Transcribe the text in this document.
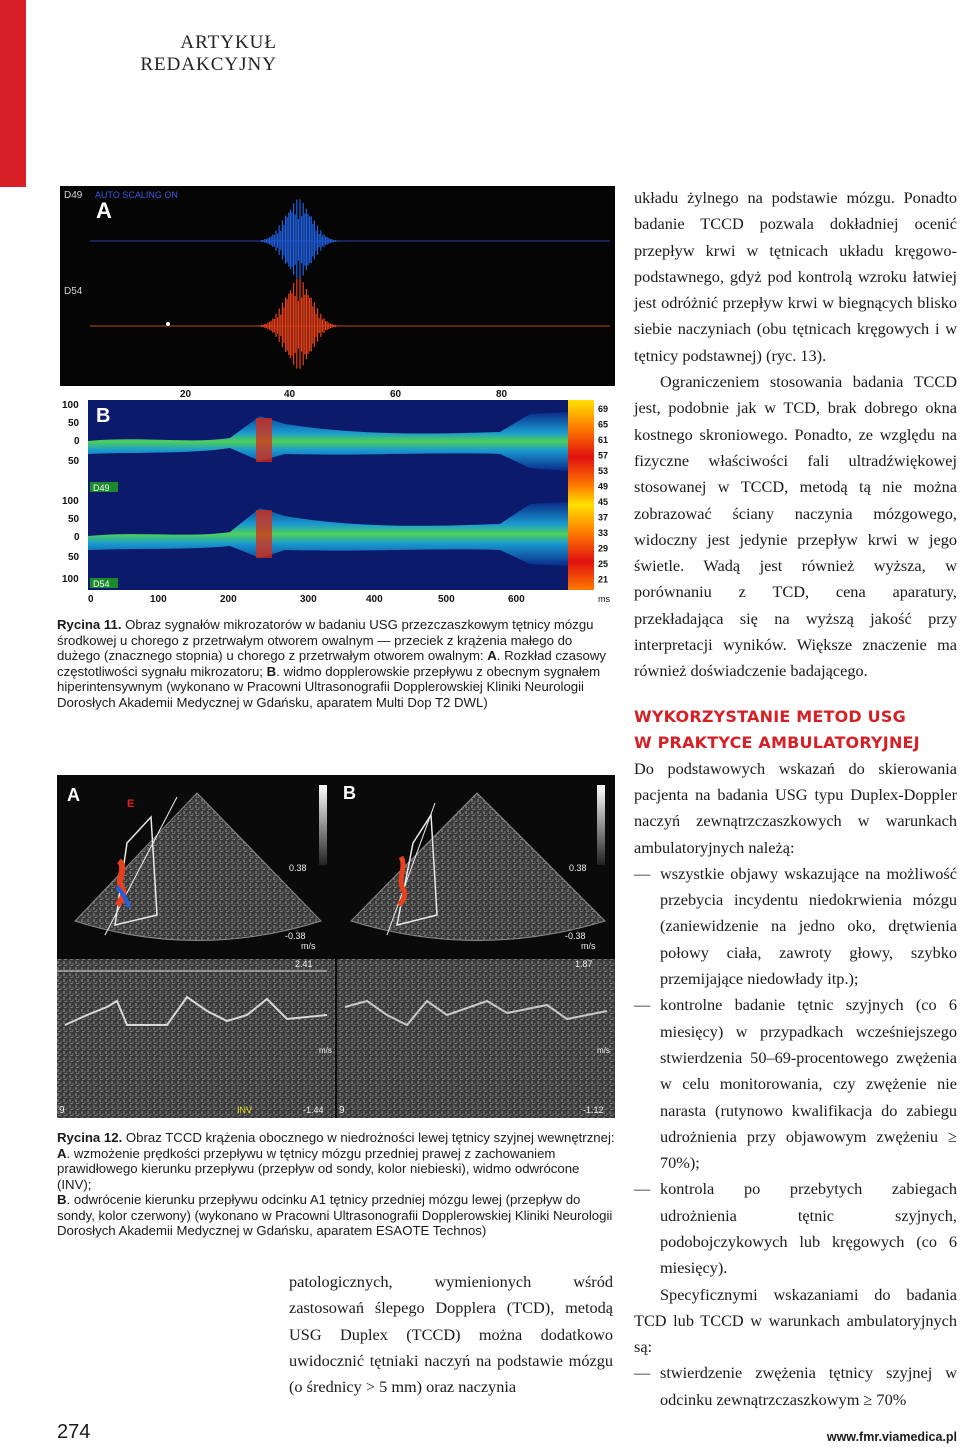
ARTYKUŁ
REDAKCYJNY
D49 AUTO SCALING ON
A
D54
20	40	60	80
69
65
61
57
53
49
45
37
33
29
25
21
B
D49
D54
100
50
0
50
100
50
0
50
100
0	100	200	300	400	500	600	ms
Rycina 11. Obraz sygnałów mikrozatorów w badaniu USG przezczaszkowym tętnicy mózgu środkowej u chorego z przetrwałym otworem owalnym — przeciek z krążenia małego do dużego (znacznego stopnia) u chorego z przetrwałym otworem owalnym: A. Rozkład czasowy częstotliwości sygnału mikrozatoru; B. widmo dopplerowskie przepływu z obecnym sygnałem hiperintensywnym (wykonano w Pracowni Ultrasonografii Dopplerowskiej Kliniki Neurologii Dorosłych Akademii Medycznej w Gdańsku, aparatem Multi Dop T2 DWL)
A	E
0.38
-0.38
m/s
B
0.38
-0.38
m/s
2.41	1.87
m/s	m/s
9	9
INV	-1.44	-1.12
Rycina 12. Obraz TCCD krążenia obocznego w niedrożności lewej tętnicy szyjnej wewnętrznej: A. wzmożenie prędkości przepływu w tętnicy mózgu przedniej prawej z zachowaniem prawidłowego kierunku przepływu (przepływ od sondy, kolor niebieski), widmo odwrócone (INV);
B. odwrócenie kierunku przepływu odcinku A1 tętnicy przedniej mózgu lewej (przepływ do sondy, kolor czerwony) (wykonano w Pracowni Ultrasonografii Dopplerowskiej Kliniki Neurologii Dorosłych Akademii Medycznej w Gdańsku, aparatem ESAOTE Technos)

patologicznych, wymienionych wśród zastosowań ślepego Dopplera (TCD), metodą USG Duplex (TCCD) można dodatkowo uwidocznić tętniaki naczyń na podstawie mózgu (o średnicy > 5 mm) oraz naczynia

układu żylnego na podstawie mózgu. Ponadto badanie TCCD pozwala dokładniej ocenić przepływ krwi w tętnicach układu kręgowo-podstawnego, gdyż pod kontrolą wzroku łatwiej jest odróżnić przepływ krwi w biegnących blisko siebie naczyniach (obu tętnicach kręgowych i w tętnicy podstawnej) (ryc. 13).

Ograniczeniem stosowania badania TCCD jest, podobnie jak w TCD, brak dobrego okna kostnego skroniowego. Ponadto, ze względu na fizyczne właściwości fali ultradźwiękowej stosowanej w TCCD, metodą tą nie można zobrazować ściany naczynia mózgowego, widoczny jest jedynie przepływ krwi w jego świetle. Wadą jest również wyższa, w porównaniu z TCD, cena aparatury, przekładająca się na wyższą jakość przy interpretacji wyników. Większe znaczenie ma również doświadczenie badającego.

WYKORZYSTANIE METOD USG
W PRAKTYCE AMBULATORYJNEJ

Do podstawowych wskazań do skierowania pacjenta na badania USG typu Duplex-Doppler naczyń zewnątrzczaszkowych w warunkach ambulatoryjnych należą:

— wszystkie objawy wskazujące na możliwość przebycia incydentu niedokrwienia mózgu (zaniewidzenie na jedno oko, drętwienia połowy ciała, zawroty głowy, szybko przemijające niedowłady itp.);
— kontrolne badanie tętnic szyjnych (co 6 miesięcy) w przypadkach wcześniejszego stwierdzenia 50–69-procentowego zwężenia w celu monitorowania, czy zwężenie nie narasta (rutynowo kwalifikacja do zabiegu udrożnienia przy objawowym zwężeniu ≥ 70%);
— kontrola po przebytych zabiegach udrożnienia tętnic szyjnych, podobojczykowych lub kręgowych (co 6 miesięcy).

Specyficznymi wskazaniami do badania TCD lub TCCD w warunkach ambulatoryjnych są:

— stwierdzenie zwężenia tętnicy szyjnej w odcinku zewnątrzczaszkowym ≥ 70%
274	www.fmr.viamedica.pl
